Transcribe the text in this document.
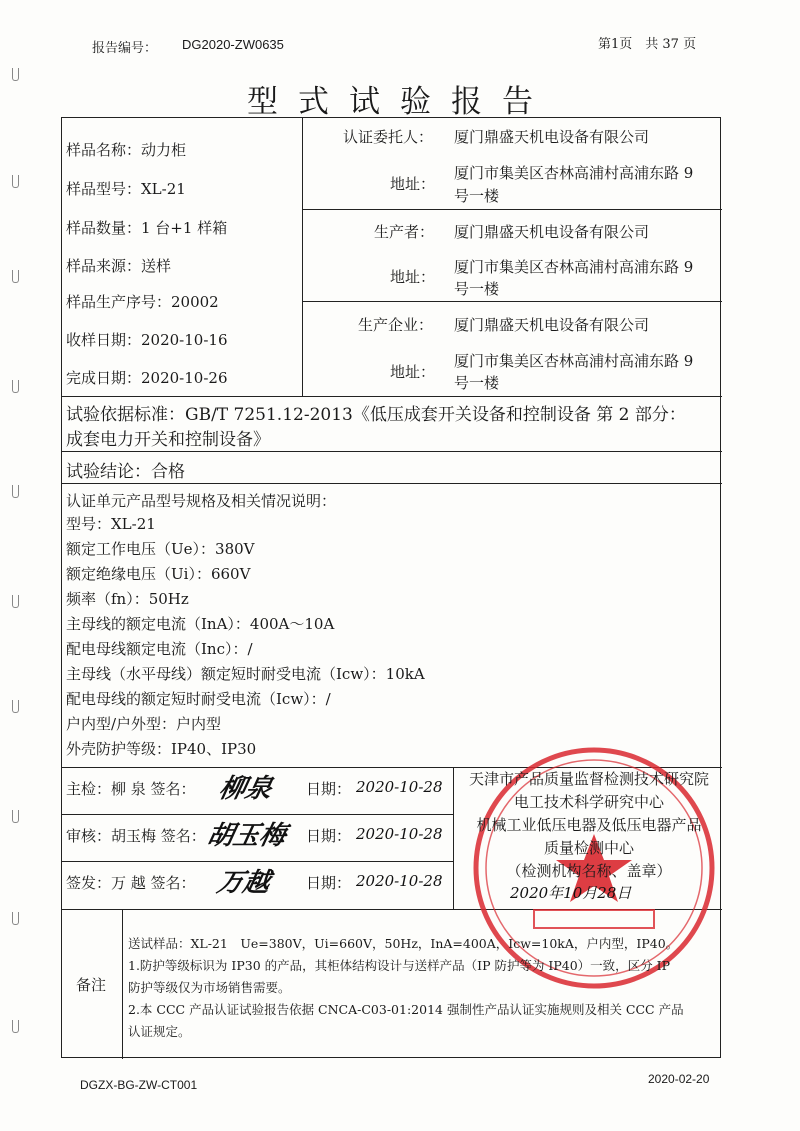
报告编号： DG2020-ZW0635	第1页　共 37 页
型式试验报告
样品名称：动力柜
样品型号：XL-21
样品数量：1 台+1 样箱
样品来源：送样
样品生产序号：20002
收样日期：2020-10-16
完成日期：2020-10-26
认证委托人： 厦门鼎盛天机电设备有限公司
地址：
厦门市集美区杏林高浦村高浦东路 9
号一楼
生产者： 厦门鼎盛天机电设备有限公司
地址：
厦门市集美区杏林高浦村高浦东路 9
号一楼
生产企业： 厦门鼎盛天机电设备有限公司
地址：
厦门市集美区杏林高浦村高浦东路 9
号一楼
试验依据标准：GB/T 7251.12-2013《低压成套开关设备和控制设备 第 2 部分：
成套电力开关和控制设备》
试验结论：合格
认证单元产品型号规格及相关情况说明：
型号：XL-21
额定工作电压（Ue）：380V
额定绝缘电压（Ui）：660V
频率（fn）：50Hz
主母线的额定电流（InA）：400A～10A
配电母线额定电流（Inc）：/
主母线（水平母线）额定短时耐受电流（Icw）：10kA
配电母线的额定短时耐受电流（Icw）：/
户内型/户外型：户内型
外壳防护等级：IP40、IP30
主检：柳 泉 签名： 柳泉 日期： 2020-10-28
审核：胡玉梅 签名：
胡玉梅 日期： 2020-10-28
签发：万 越 签名： 万越 日期： 2020-10-28
天津市产品质量监督检测技术研究院
电工技术科学研究中心
机械工业低压电器及低压电器产品
质量检测中心
（检测机构名称、盖章）
2020年10月28日
备注
送试样品：XL-21　Ue=380V，Ui=660V，50Hz，InA=400A，Icw=10kA，户内型，IP40。
1.防护等级标识为 IP30 的产品，其柜体结构设计与送样产品（IP 防护等为 IP40）一致，区分 IP
防护等级仅为市场销售需要。
2.本 CCC 产品认证试验报告依据 CNCA-C03-01:2014 强制性产品认证实施规则及相关 CCC 产品
认证规定。
DGZX-BG-ZW-CT001	2020-02-20
